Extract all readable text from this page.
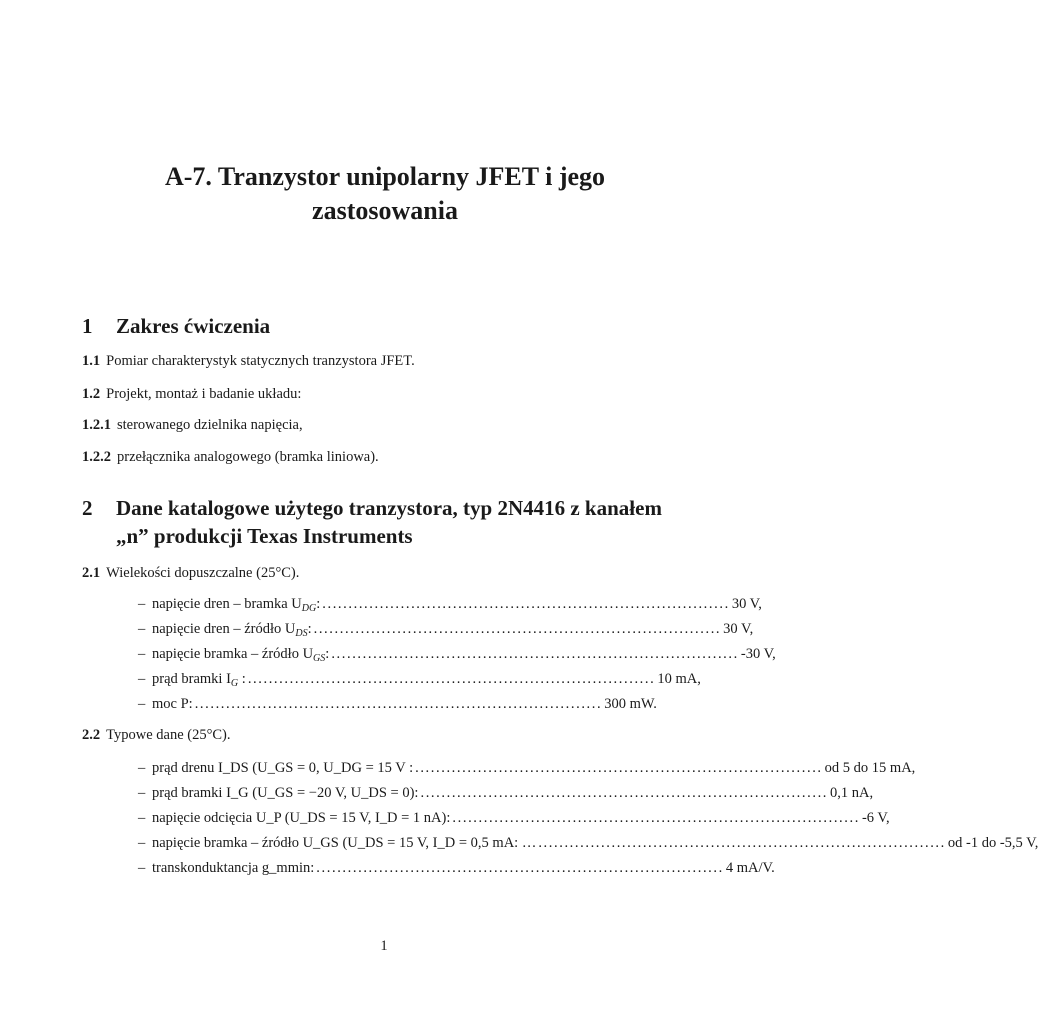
A-7. Tranzystor unipolarny JFET i jego zastosowania
1 Zakres ćwiczenia
1.1 Pomiar charakterystyk statycznych tranzystora JFET.
1.2 Projekt, montaż i badanie układu:
1.2.1 sterowanego dzielnika napięcia,
1.2.2 przełącznika analogowego (bramka liniowa).
2 Dane katalogowe użytego tranzystora, typ 2N4416 z kanałem
„n” produkcji Texas Instruments
2.1 Wielekości dopuszczalne (25°C).
– napięcie dren – bramka $U_{DG}$: .............................................................................. 30 V,
– napięcie dren – źródło $U_{DS}$: .............................................................................. 30 V,
– napięcie bramka – źródło $U_{GS}$: .............................................................................. -30 V,
– prąd bramki $I_G$ : .............................................................................. 10 mA,
– moc P: .............................................................................. 300 mW.
2.2 Typowe dane (25°C).
– prąd drenu I_DS (U_GS = 0, U_DG = 15 V : .............................................................................. od 5 do 15 mA,
– prąd bramki I_G (U_GS = −20 V, U_DS = 0): .............................................................................. 0,1 nA,
– napięcie odcięcia U_P (U_DS = 15 V, I_D = 1 nA): .............................................................................. -6 V,
– napięcie bramka – źródło U_GS (U_DS = 15 V, I_D = 0,5 mA: … .............................................................................. od -1 do -5,5 V,
– transkonduktancja g_mmin: .............................................................................. 4 mA/V.
1
